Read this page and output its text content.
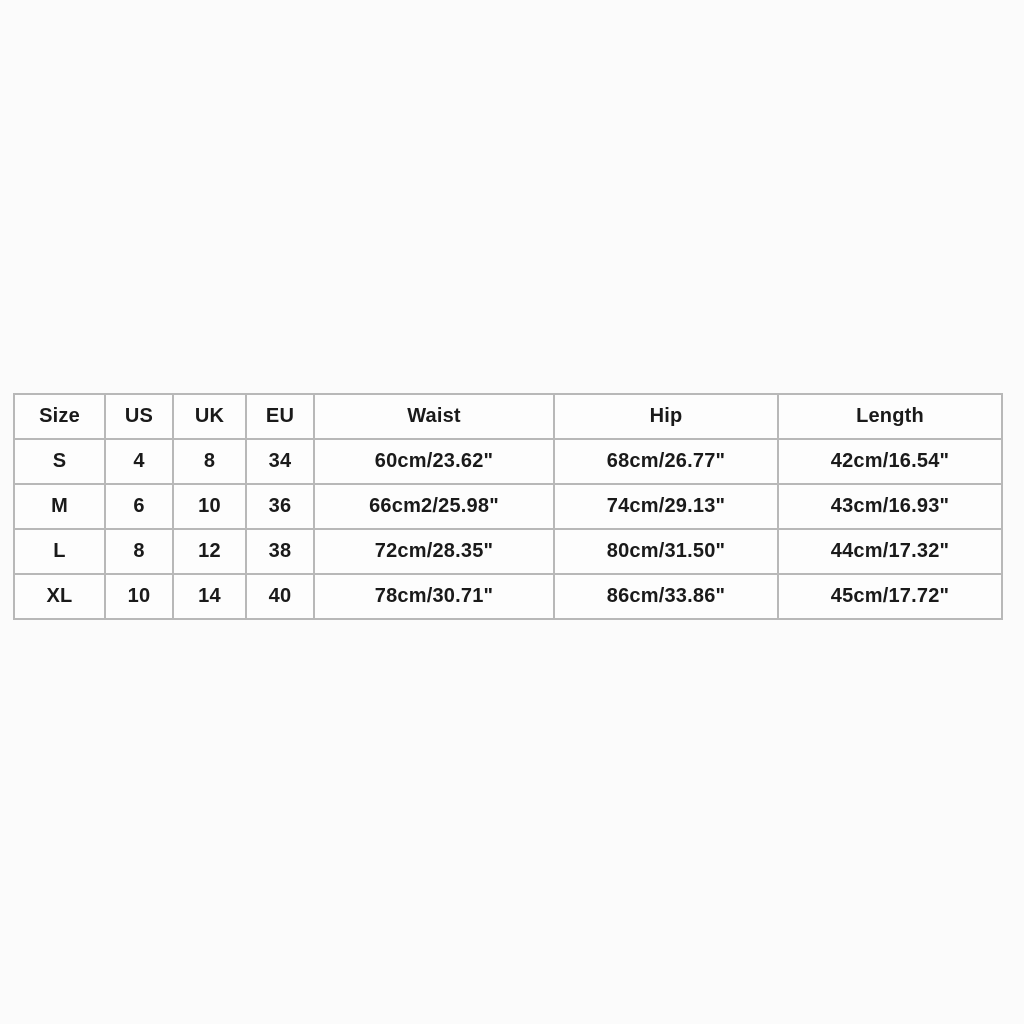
Size	US	UK	EU	Waist	Hip	Length
S	4	8	34	60cm/23.62"	68cm/26.77"	42cm/16.54"
M	6	10	36	66cm2/25.98"	74cm/29.13"	43cm/16.93"
L	8	12	38	72cm/28.35"	80cm/31.50"	44cm/17.32"
XL	10	14	40	78cm/30.71"	86cm/33.86"	45cm/17.72"
